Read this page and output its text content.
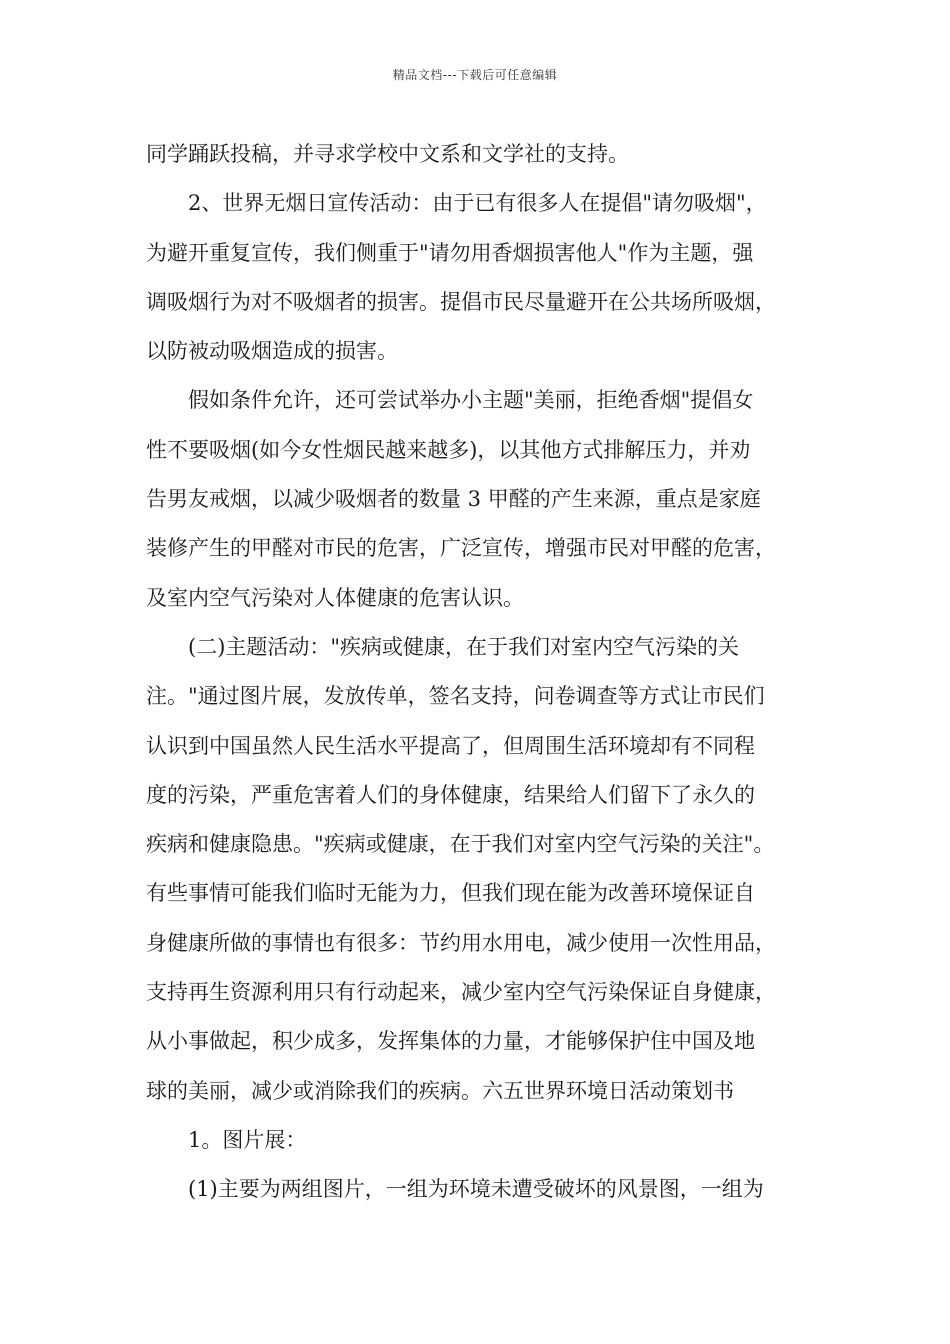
精品文档---下载后可任意编辑
同学踊跃投稿，并寻求学校中文系和文学社的支持。
2、世界无烟日宣传活动：由于已有很多人在提倡"请勿吸烟"，
为避开重复宣传，我们侧重于"请勿用香烟损害他人"作为主题，强
调吸烟行为对不吸烟者的损害。提倡市民尽量避开在公共场所吸烟，
以防被动吸烟造成的损害。
假如条件允许，还可尝试举办小主题"美丽，拒绝香烟"提倡女
性不要吸烟(如今女性烟民越来越多)，以其他方式排解压力，并劝
告男友戒烟，以减少吸烟者的数量 3 甲醛的产生来源，重点是家庭
装修产生的甲醛对市民的危害，广泛宣传，增强市民对甲醛的危害，
及室内空气污染对人体健康的危害认识。
(二)主题活动："疾病或健康，在于我们对室内空气污染的关
注。"通过图片展，发放传单，签名支持，问卷调查等方式让市民们
认识到中国虽然人民生活水平提高了，但周围生活环境却有不同程
度的污染，严重危害着人们的身体健康，结果给人们留下了永久的
疾病和健康隐患。"疾病或健康，在于我们对室内空气污染的关注"。
有些事情可能我们临时无能为力，但我们现在能为改善环境保证自
身健康所做的事情也有很多：节约用水用电，减少使用一次性用品，
支持再生资源利用只有行动起来，减少室内空气污染保证自身健康，
从小事做起，积少成多，发挥集体的力量，才能够保护住中国及地
球的美丽，减少或消除我们的疾病。六五世界环境日活动策划书
1。图片展：
(1)主要为两组图片，一组为环境未遭受破坏的风景图，一组为
